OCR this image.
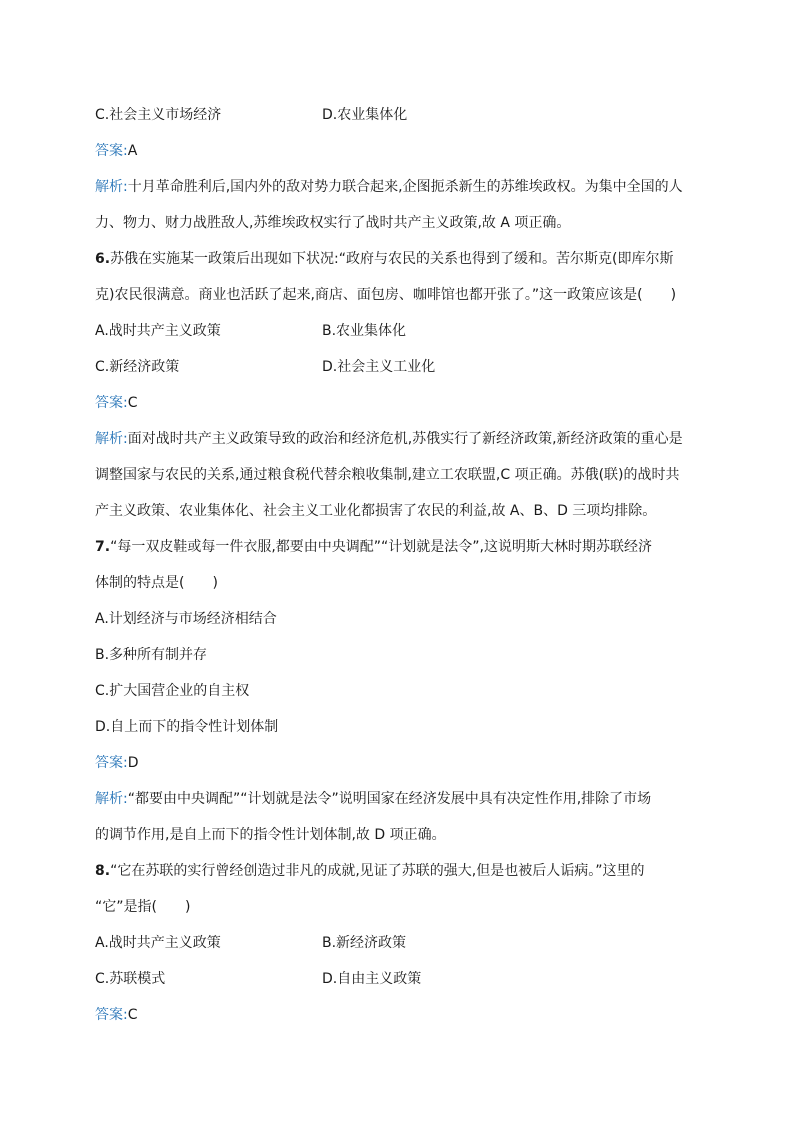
C.社会主义市场经济	D.农业集体化
答案:A
解析:十月革命胜利后,国内外的敌对势力联合起来,企图扼杀新生的苏维埃政权。为集中全国的人
力、物力、财力战胜敌人,苏维埃政权实行了战时共产主义政策,故 A 项正确。
6.苏俄在实施某一政策后出现如下状况:“政府与农民的关系也得到了缓和。苦尔斯克(即库尔斯
克)农民很满意。商业也活跃了起来,商店、面包房、咖啡馆也都开张了。”这一政策应该是(　　)
A.战时共产主义政策	B.农业集体化
C.新经济政策	D.社会主义工业化
答案:C
解析:面对战时共产主义政策导致的政治和经济危机,苏俄实行了新经济政策,新经济政策的重心是
调整国家与农民的关系,通过粮食税代替余粮收集制,建立工农联盟,C 项正确。苏俄(联)的战时共
产主义政策、农业集体化、社会主义工业化都损害了农民的利益,故 A、B、D 三项均排除。
7.“每一双皮鞋或每一件衣服,都要由中央调配”“计划就是法令”,这说明斯大林时期苏联经济
体制的特点是(　　)
A.计划经济与市场经济相结合
B.多种所有制并存
C.扩大国营企业的自主权
D.自上而下的指令性计划体制
答案:D
解析:“都要由中央调配”“计划就是法令”说明国家在经济发展中具有决定性作用,排除了市场
的调节作用,是自上而下的指令性计划体制,故 D 项正确。
8.“它在苏联的实行曾经创造过非凡的成就,见证了苏联的强大,但是也被后人诟病。”这里的
“它”是指(　　)
A.战时共产主义政策	B.新经济政策
C.苏联模式	D.自由主义政策
答案:C
